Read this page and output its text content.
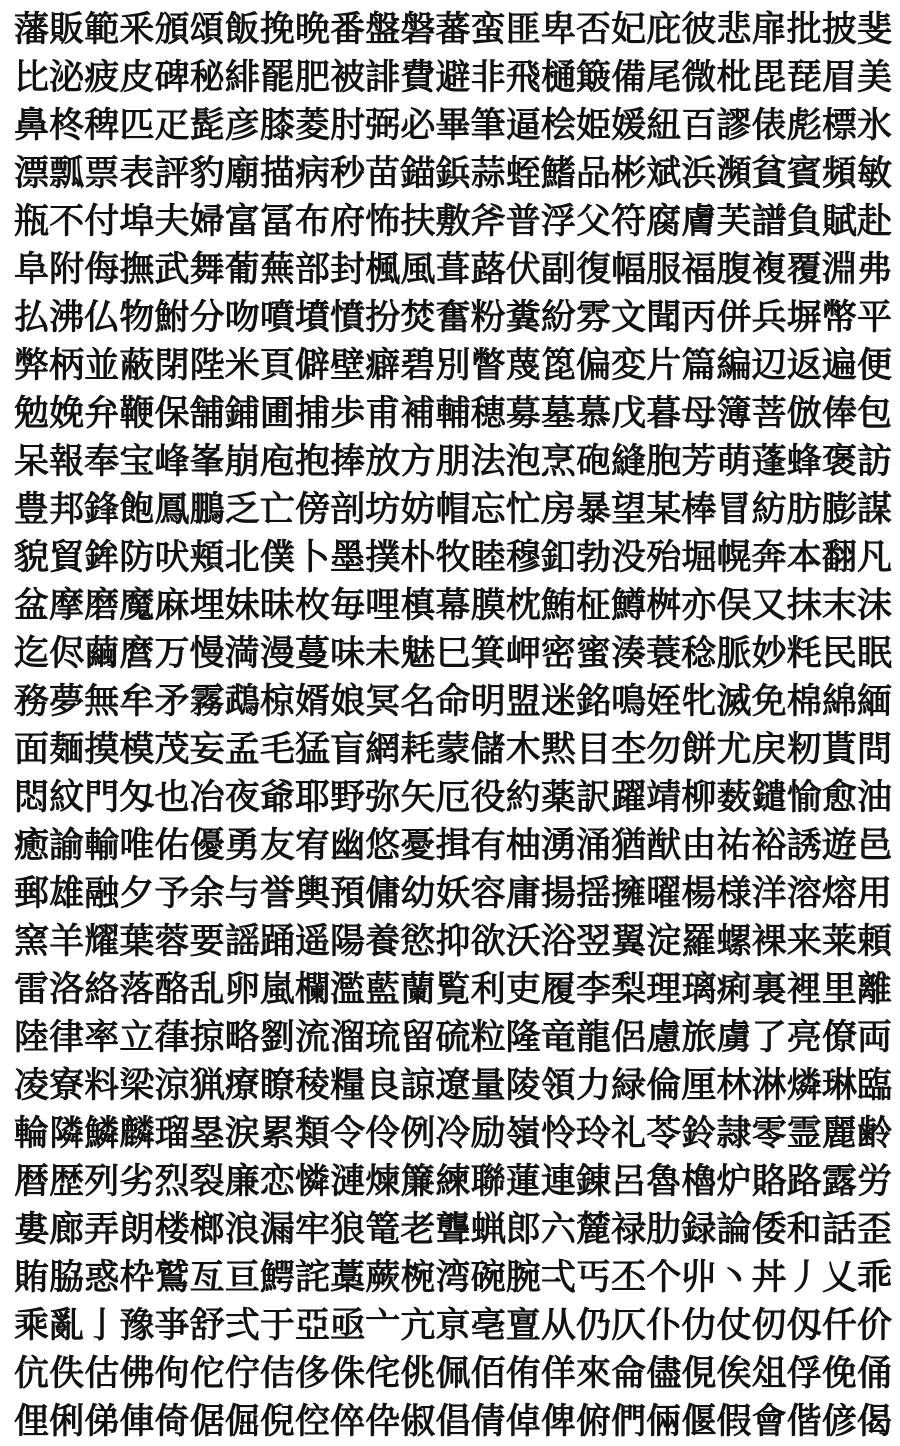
藩 販 範 釆 頒 頌 飯 挽 晩 番 盤 磐 蕃 蛮 匪 卑 否 妃 庇 彼 悲 扉 批 披 斐
比 泌 疲 皮 碑 秘 緋 罷 肥 被 誹 費 避 非 飛 樋 簸 備 尾 微 枇 毘 琵 眉 美
鼻 柊 稗 匹 疋 髭 彦 膝 菱 肘 弼 必 畢 筆 逼 桧 姫 媛 紐 百 謬 俵 彪 標 氷
漂 瓢 票 表 評 豹 廟 描 病 秒 苗 錨 鋲 蒜 蛭 鰭 品 彬 斌 浜 瀕 貧 賓 頻 敏
瓶 不 付 埠 夫 婦 富 冨 布 府 怖 扶 敷 斧 普 浮 父 符 腐 膚 芙 譜 負 賦 赴
阜 附 侮 撫 武 舞 葡 蕪 部 封 楓 風 葺 蕗 伏 副 復 幅 服 福 腹 複 覆 淵 弗
払 沸 仏 物 鮒 分 吻 噴 墳 憤 扮 焚 奮 粉 糞 紛 雰 文 聞 丙 併 兵 塀 幣 平
弊 柄 並 蔽 閉 陛 米 頁 僻 壁 癖 碧 別 瞥 蔑 箆 偏 変 片 篇 編 辺 返 遍 便
勉 娩 弁 鞭 保 舗 鋪 圃 捕 歩 甫 補 輔 穂 募 墓 慕 戊 暮 母 簿 菩 倣 俸 包
呆 報 奉 宝 峰 峯 崩 庖 抱 捧 放 方 朋 法 泡 烹 砲 縫 胞 芳 萌 蓬 蜂 褒 訪
豊 邦 鋒 飽 鳳 鵬 乏 亡 傍 剖 坊 妨 帽 忘 忙 房 暴 望 某 棒 冒 紡 肪 膨 謀
貌 貿 鉾 防 吠 頬 北 僕 卜 墨 撲 朴 牧 睦 穆 釦 勃 没 殆 堀 幌 奔 本 翻 凡
盆 摩 磨 魔 麻 埋 妹 昧 枚 毎 哩 槙 幕 膜 枕 鮪 柾 鱒 桝 亦 俣 又 抹 末 沫
迄 侭 繭 麿 万 慢 満 漫 蔓 味 未 魅 巳 箕 岬 密 蜜 湊 蓑 稔 脈 妙 粍 民 眠
務 夢 無 牟 矛 霧 鵡 椋 婿 娘 冥 名 命 明 盟 迷 銘 鳴 姪 牝 滅 免 棉 綿 緬
面 麺 摸 模 茂 妄 孟 毛 猛 盲 網 耗 蒙 儲 木 黙 目 杢 勿 餅 尤 戻 籾 貰 問
悶 紋 門 匁 也 冶 夜 爺 耶 野 弥 矢 厄 役 約 薬 訳 躍 靖 柳 薮 鑓 愉 愈 油
癒 諭 輸 唯 佑 優 勇 友 宥 幽 悠 憂 揖 有 柚 湧 涌 猶 猷 由 祐 裕 誘 遊 邑
郵 雄 融 夕 予 余 与 誉 輿 預 傭 幼 妖 容 庸 揚 揺 擁 曜 楊 様 洋 溶 熔 用
窯 羊 耀 葉 蓉 要 謡 踊 遥 陽 養 慾 抑 欲 沃 浴 翌 翼 淀 羅 螺 裸 来 莱 頼
雷 洛 絡 落 酪 乱 卵 嵐 欄 濫 藍 蘭 覧 利 吏 履 李 梨 理 璃 痢 裏 裡 里 離
陸 律 率 立 葎 掠 略 劉 流 溜 琉 留 硫 粒 隆 竜 龍 侶 慮 旅 虜 了 亮 僚 両
凌 寮 料 梁 涼 猟 療 瞭 稜 糧 良 諒 遼 量 陵 領 力 緑 倫 厘 林 淋 燐 琳 臨
輪 隣 鱗 麟 瑠 塁 涙 累 類 令 伶 例 冷 励 嶺 怜 玲 礼 苓 鈴 隷 零 霊 麗 齢
暦 歴 列 劣 烈 裂 廉 恋 憐 漣 煉 簾 練 聯 蓮 連 錬 呂 魯 櫓 炉 賂 路 露 労
婁 廊 弄 朗 楼 榔 浪 漏 牢 狼 篭 老 聾 蝋 郎 六 麓 禄 肋 録 論 倭 和 話 歪
賄 脇 惑 枠 鷲 亙 亘 鰐 詫 藁 蕨 椀 湾 碗 腕 弌 丐 丕 个 丱 丶 丼 丿 乂 乖
乘 亂 亅 豫 亊 舒 弍 于 亞 亟 亠 亢 亰 亳 亶 从 仍 仄 仆 仂 仗 仞 仭 仟 价
伉 佚 估 佛 佝 佗 佇 佶 侈 侏 侘 佻 佩 佰 侑 佯 來 侖 儘 俔 俟 俎 俘 俛 俑
俚 俐 俤 俥 倚 倨 倔 倪 倥 倅 伜 俶 倡 倩 倬 俾 俯 們 倆 偃 假 會 偕 偐 偈
